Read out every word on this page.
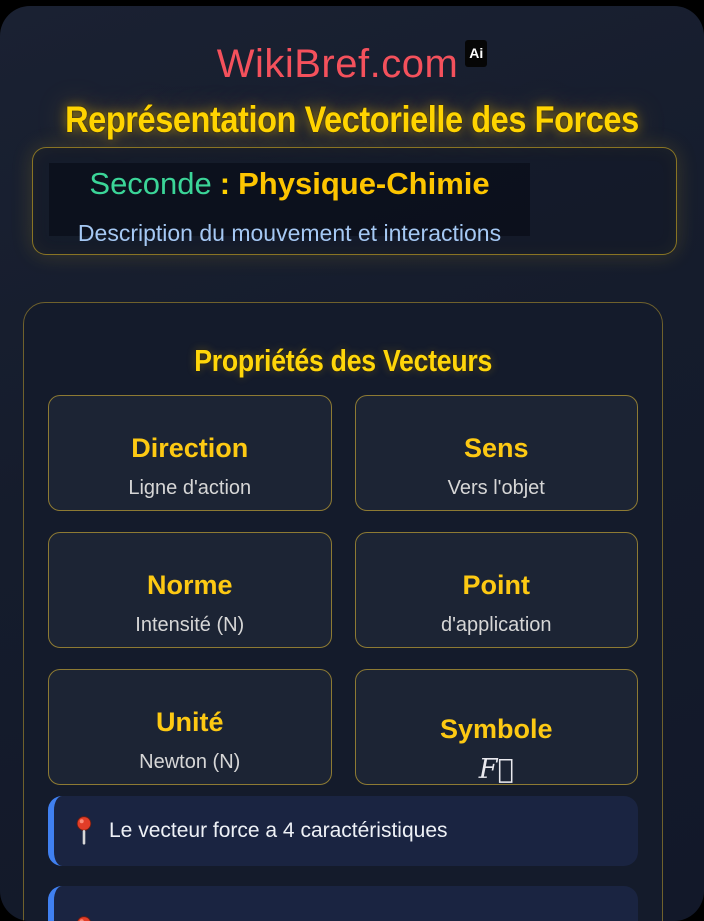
WikiBref.com Ai
Représentation Vectorielle des Forces
Seconde : Physique-Chimie
Description du mouvement et interactions
Propriétés des Vecteurs
Direction
Ligne d'action
Sens
Vers l'objet
Norme
Intensité (N)
Point
d'application
Unité
Newton (N)
Symbole
F⃗
Le vecteur force a 4 caractéristiques
